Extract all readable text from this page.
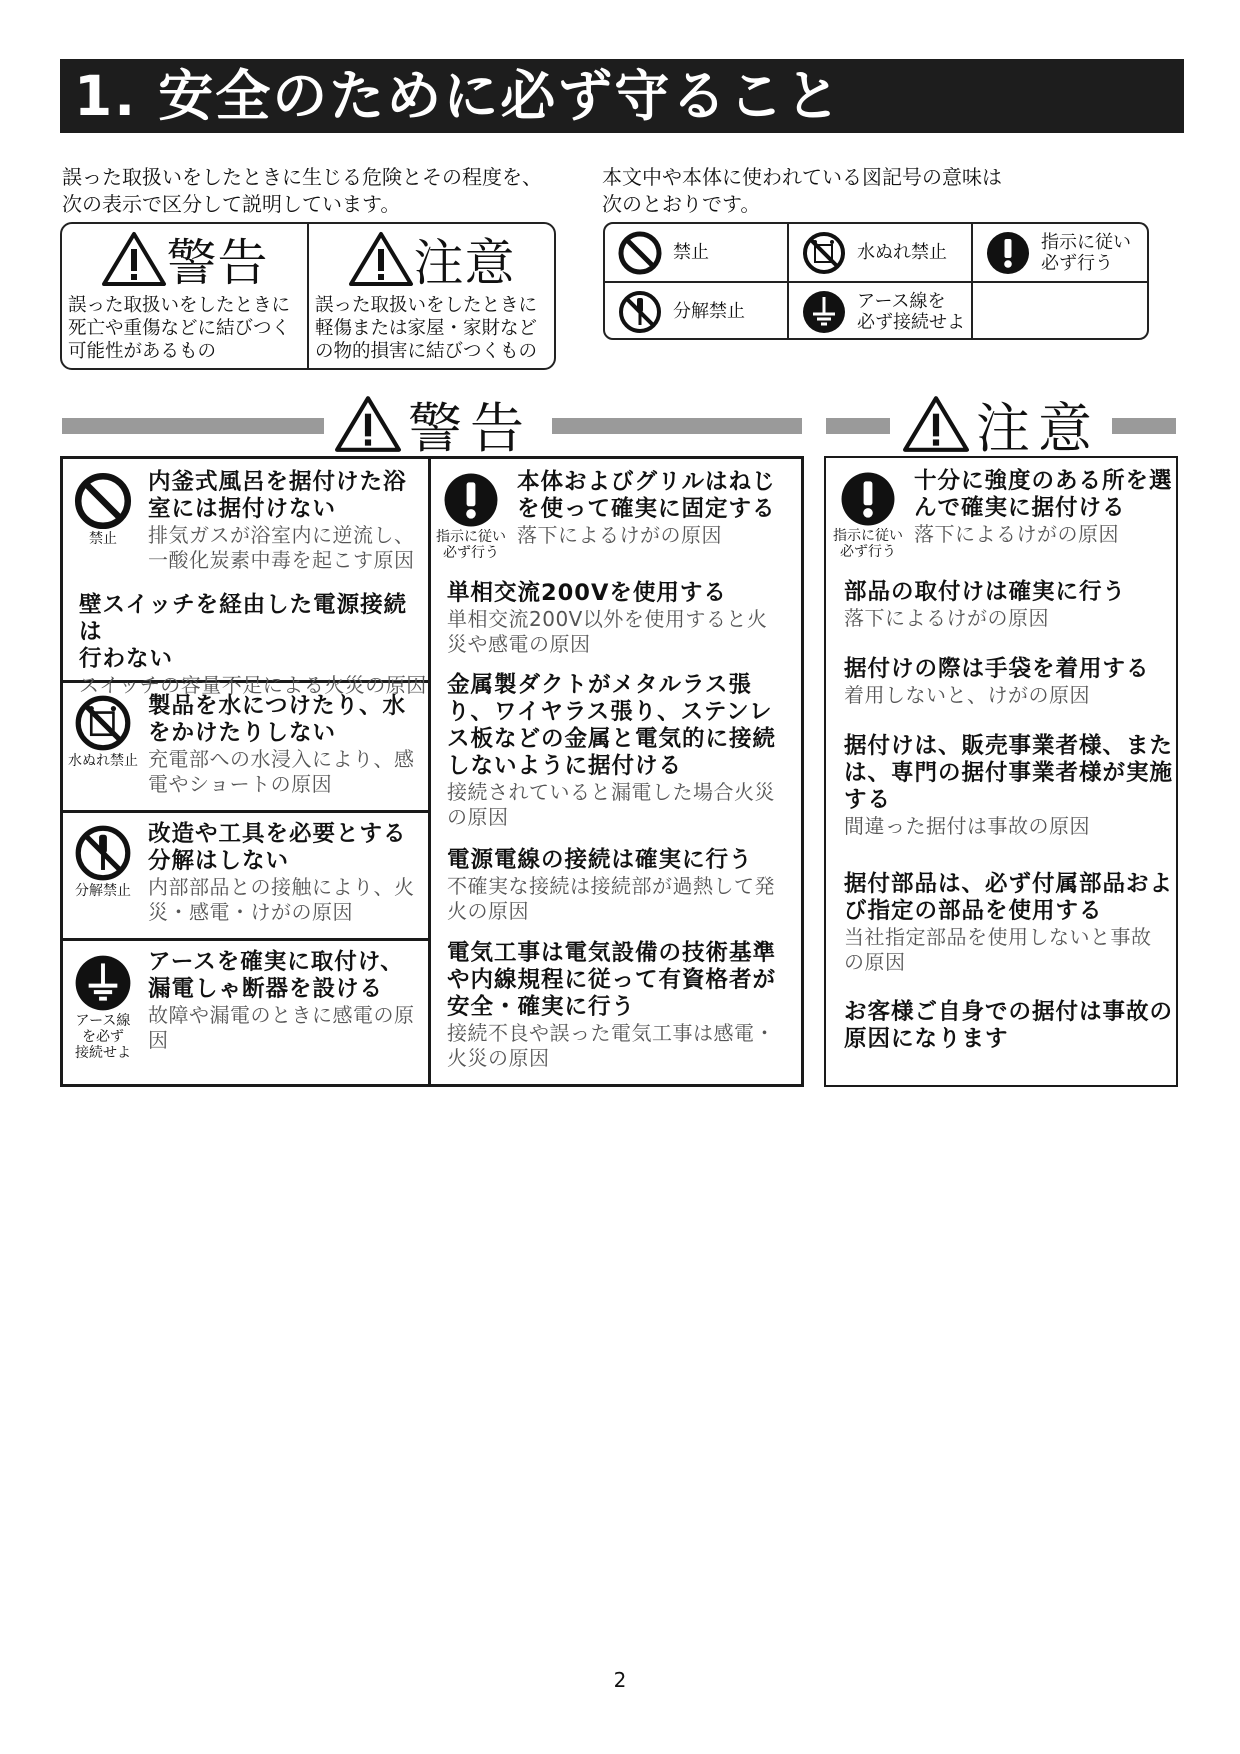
1. 安全のために必ず守ること
誤った取扱いをしたときに生じる危険とその程度を、
次の表示で区分して説明しています。
本文中や本体に使われている図記号の意味は
次のとおりです。
警告
誤った取扱いをしたときに
死亡や重傷などに結びつく
可能性があるもの
注意
誤った取扱いをしたときに
軽傷または家屋・家財など
の物的損害に結びつくもの
禁止	水ぬれ禁止	指示に従い
必ず行う
分解禁止	アース線を
必ず接続せよ
警告	注意
禁止
内釜式風呂を据付けた浴
室には据付けない
排気ガスが浴室内に逆流し、
一酸化炭素中毒を起こす原因
壁スイッチを経由した電源接続は
行わない
スイッチの容量不足による火災の原因
水ぬれ禁止
製品を水につけたり、水
をかけたりしない
充電部への水浸入により、感
電やショートの原因
分解禁止
改造や工具を必要とする
分解はしない
内部部品との接触により、火
災・感電・けがの原因
アース線
を必ず
接続せよ
アースを確実に取付け、
漏電しゃ断器を設ける
故障や漏電のときに感電の原
因
指示に従い
必ず行う
本体およびグリルはねじ
を使って確実に固定する
落下によるけがの原因
単相交流200Vを使用する
単相交流200V以外を使用すると火
災や感電の原因
金属製ダクトがメタルラス張
り、ワイヤラス張り、ステンレ
ス板などの金属と電気的に接続
しないように据付ける
接続されていると漏電した場合火災
の原因
電源電線の接続は確実に行う
不確実な接続は接続部が過熱して発
火の原因
電気工事は電気設備の技術基準
や内線規程に従って有資格者が
安全・確実に行う
接続不良や誤った電気工事は感電・
火災の原因
指示に従い
必ず行う
十分に強度のある所を選
んで確実に据付ける
落下によるけがの原因
部品の取付けは確実に行う
落下によるけがの原因
据付けの際は手袋を着用する
着用しないと、けがの原因
据付けは、販売事業者様、また
は、専門の据付事業者様が実施
する
間違った据付は事故の原因
据付部品は、必ず付属部品およ
び指定の部品を使用する
当社指定部品を使用しないと事故
の原因
お客様ご自身での据付は事故の
原因になります
2
